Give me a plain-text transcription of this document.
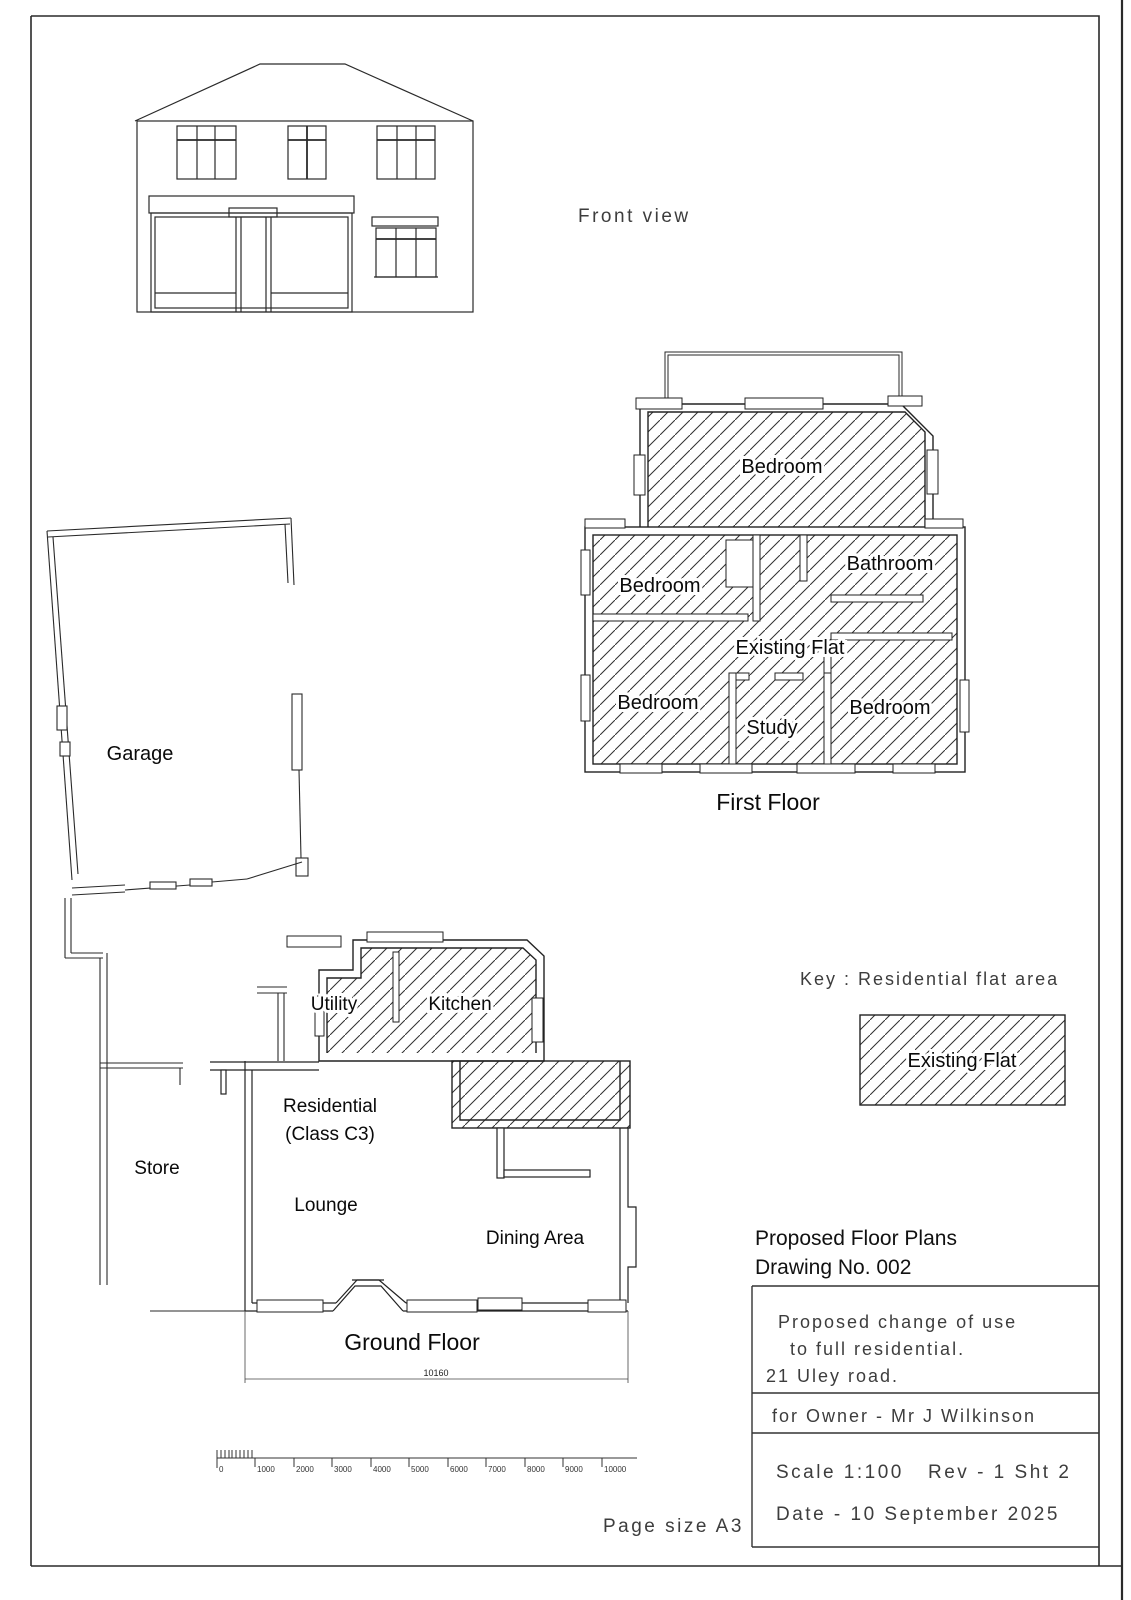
Front view
Bedroom
Bedroom
Bathroom
Existing Flat
Bedroom
Study
Bedroom
First Floor
Garage
10160
Utility	Kitchen
Residential
(Class C3)
Store
Lounge
Dining Area
Ground Floor
Key : Residential flat area
Existing Flat
Proposed Floor Plans
Drawing No. 002
Proposed change of use
to full residential.
21 Uley road.
for Owner - Mr J Wilkinson
Scale 1:100 Rev - 1 Sht 2
Date - 10 September 2025
Page size A3
0	1000	2000	3000	4000	5000	6000	7000	8000	9000	10000
